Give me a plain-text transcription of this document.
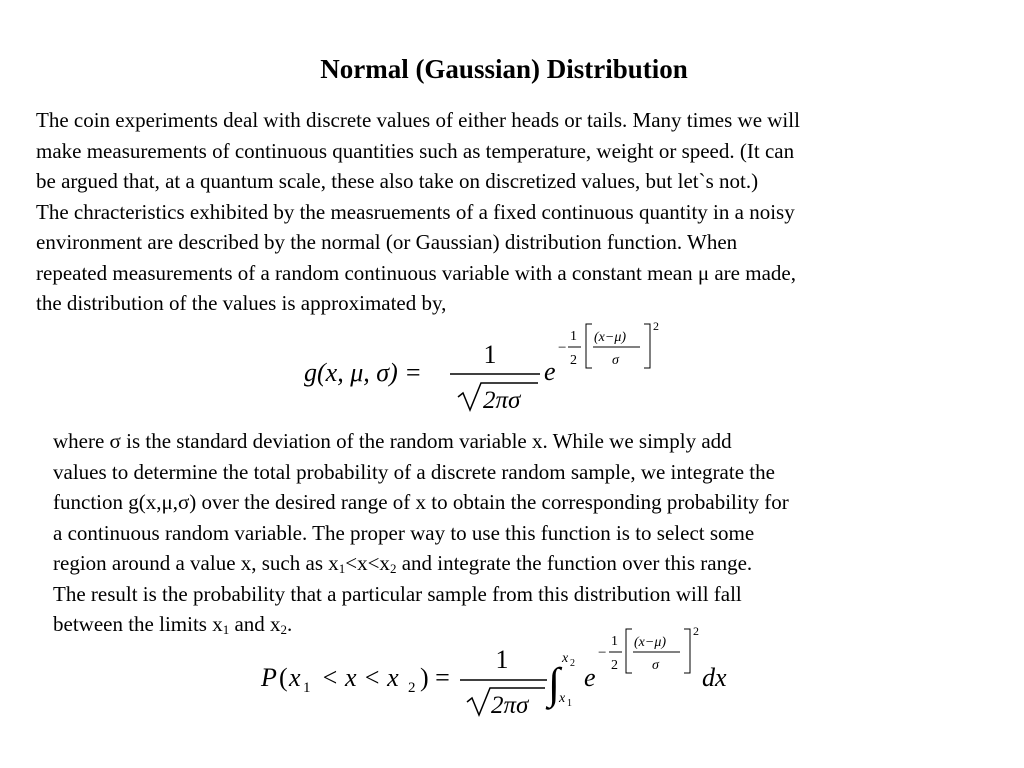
Normal (Gaussian) Distribution
The coin experiments deal with discrete values of either heads or tails. Many times we will
make measurements of continuous quantities such as temperature, weight or speed. (It can
be argued that, at a quantum scale, these also take on discretized values, but let`s not.)
The chracteristics exhibited by the measruements of a fixed continuous quantity in a noisy
environment are described by the normal (or Gaussian) distribution function. When
repeated measurements of a random continuous variable with a constant mean μ are made,
the distribution of the values is approximated by,
g(x, μ, σ) =
1
2πσ
e
−
1
2
(x−μ)
σ
2
where σ is the standard deviation of the random variable x. While we simply add
values to determine the total probability of a discrete random sample, we integrate the
function g(x,μ,σ) over the desired range of x to obtain the corresponding probability for
a continuous random variable. The proper way to use this function is to select some
region around a value x, such as $x_1<x<x_2$ and integrate the function over this range.
The result is the probability that a particular sample from this distribution will fall
between the limits $x_1$ and $x_2$.
P ( x 1 < x < x 2 ) =
1
2πσ ∫
x 2
x 1
e
−
1
2
(x−μ)
σ
2
dx
